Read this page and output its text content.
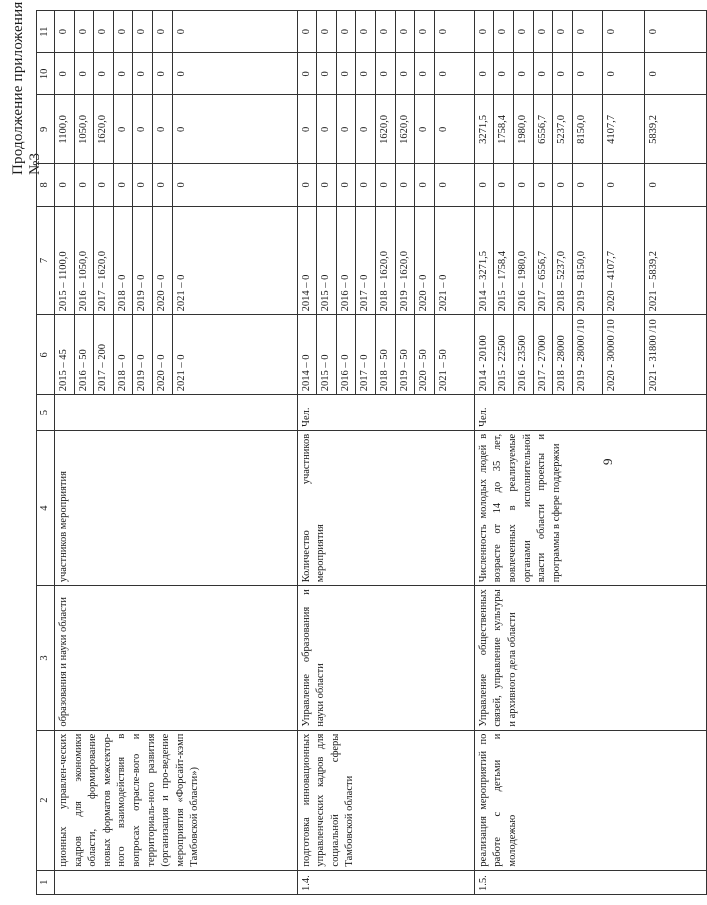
9
Продолжение приложения №3
1	2	3	4	5	6	7	8	9	10	11
	ционных управлен-ческих кадров для экономики области, формирование новых форматов межсектор-ного взаимодействия в вопросах отрасле-вого и территориаль-ного развития (организация и про-ведение мероприятия «Форсайт-кэмп Тамбовской области»)	образования и науки области	участников мероприятия		2015 – 45	2015 – 1100,0	0	1100,0	0	0
					2016 – 50	2016 – 1050,0	0	1050,0	0	0
					2017 – 200	2017 – 1620,0	0	1620,0	0	0
					2018 – 0	2018 – 0	0	0	0	0
					2019 – 0	2019 – 0	0	0	0	0
					2020 – 0	2020 – 0	0	0	0	0
					2021 – 0	2021 – 0	0	0	0	0
1.4.	подготовка инновационных управленческих кадров для социальной сферы Тамбовской области	Управление образования и науки области	Количество участников мероприятия	Чел.	2014 – 0	2014 – 0	0	0	0	0
					2015 – 0	2015 – 0	0	0	0	0
					2016 – 0	2016 – 0	0	0	0	0
					2017 – 0	2017 – 0	0	0	0	0
					2018 – 50	2018 – 1620,0	0	1620,0	0	0
					2019 – 50	2019 – 1620,0	0	1620,0	0	0
					2020 – 50	2020 – 0	0	0	0	0
					2021 – 50	2021 – 0	0	0	0	0
1.5.	реализация мероприятий по работе с детьми и молодежью	Управление общественных связей, управление культуры и архивного дела области	Численность молодых людей в возрасте от 14 до 35 лет, вовлеченных в реализуемые органами исполнительной власти области проекты и программы в сфере поддержки	Чел.	2014 - 20100	2014 – 3271,5	0	3271,5	0	0
					2015 - 22500	2015 – 1758,4	0	1758,4	0	0
					2016 - 23500	2016 – 1980,0	0	1980,0	0	0
					2017 - 27000	2017 – 6556,7	0	6556,7	0	0
					2018 - 28000	2018 – 5237,0	0	5237,0	0	0
					2019 - 28000 /10	2019 – 8150,0	0	8150,0	0	0
					2020 - 30000 /10	2020 – 4107,7	0	4107,7	0	0
					2021 - 31800 /10	2021 – 5839,2	0	5839,2	0	0
